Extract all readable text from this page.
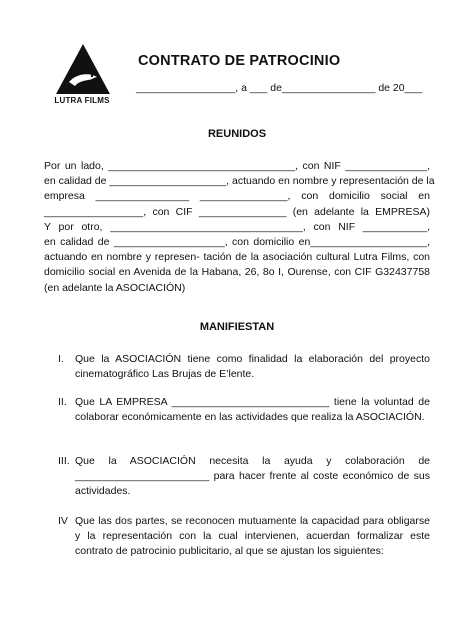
LUTRA FILMS
CONTRATO DE PATROCINIO
_________________, a ___ de________________ de 20___
REUNIDOS
Por un lado, ________________________________, con NIF ______________,
en calidad de ____________________, actuando en nombre y representación de la
empresa ________________ _______________, con domicilio social en
_________________, con CIF _______________ (en adelante la EMPRESA)
Y por otro, _________________________________, con NIF ___________,
en calidad de ___________________, con domicilio en____________________,
actuando en nombre y represen- tación de la asociación cultural Lutra Films, con
domicilio social en Avenida de la Habana, 26, 8o I, Ourense, con CIF G32437758
(en adelante la ASOCIACIÓN)
MANIFIESTAN
I.	Que la ASOCIACIÓN tiene como finalidad la elaboración del proyecto cinematográfico Las Brujas de E’lente.
II. Que LA EMPRESA ___________________________ tiene la voluntad de colaborar económicamente en las actividades que realiza la ASOCIACIÓN.
III. Que la ASOCIACIÓN necesita la ayuda y colaboración de _______________________ para hacer frente al coste económico de sus actividades.
IV Que las dos partes, se reconocen mutuamente la capacidad para obligarse y la representación con la cual intervienen, acuerdan formalizar este contrato de patrocinio publicitario, al que se ajustan los siguientes:
